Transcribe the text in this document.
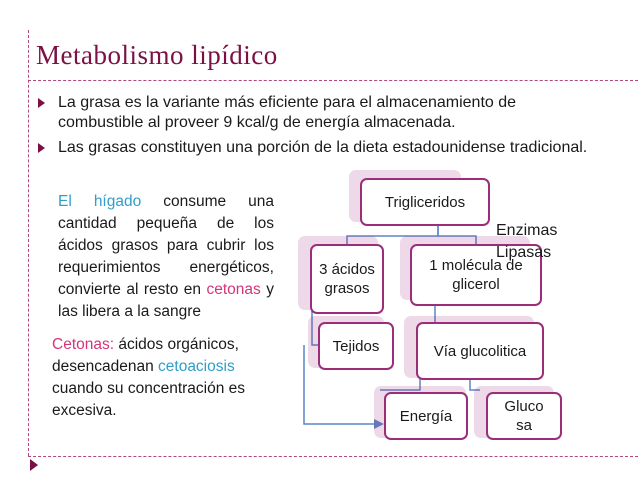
Metabolismo lipídico
La grasa es la variante más eficiente para el almacenamiento de combustible al proveer 9 kcal/g de energía almacenada.
Las grasas constituyen una porción de la dieta estadounidense tradicional.
El hígado consume una cantidad pequeña de los ácidos grasos para cubrir los requerimientos energéticos, convierte al resto en cetonas y las libera a la sangre
Cetonas: ácidos orgánicos, desencadenan cetoaciosis cuando su concentración es excesiva.
Trigliceridos
3 ácidos grasos
1 molécula de glicerol
Tejidos	Vía glucolitica
Energía
Glucosa
Enzimas Lipasas
